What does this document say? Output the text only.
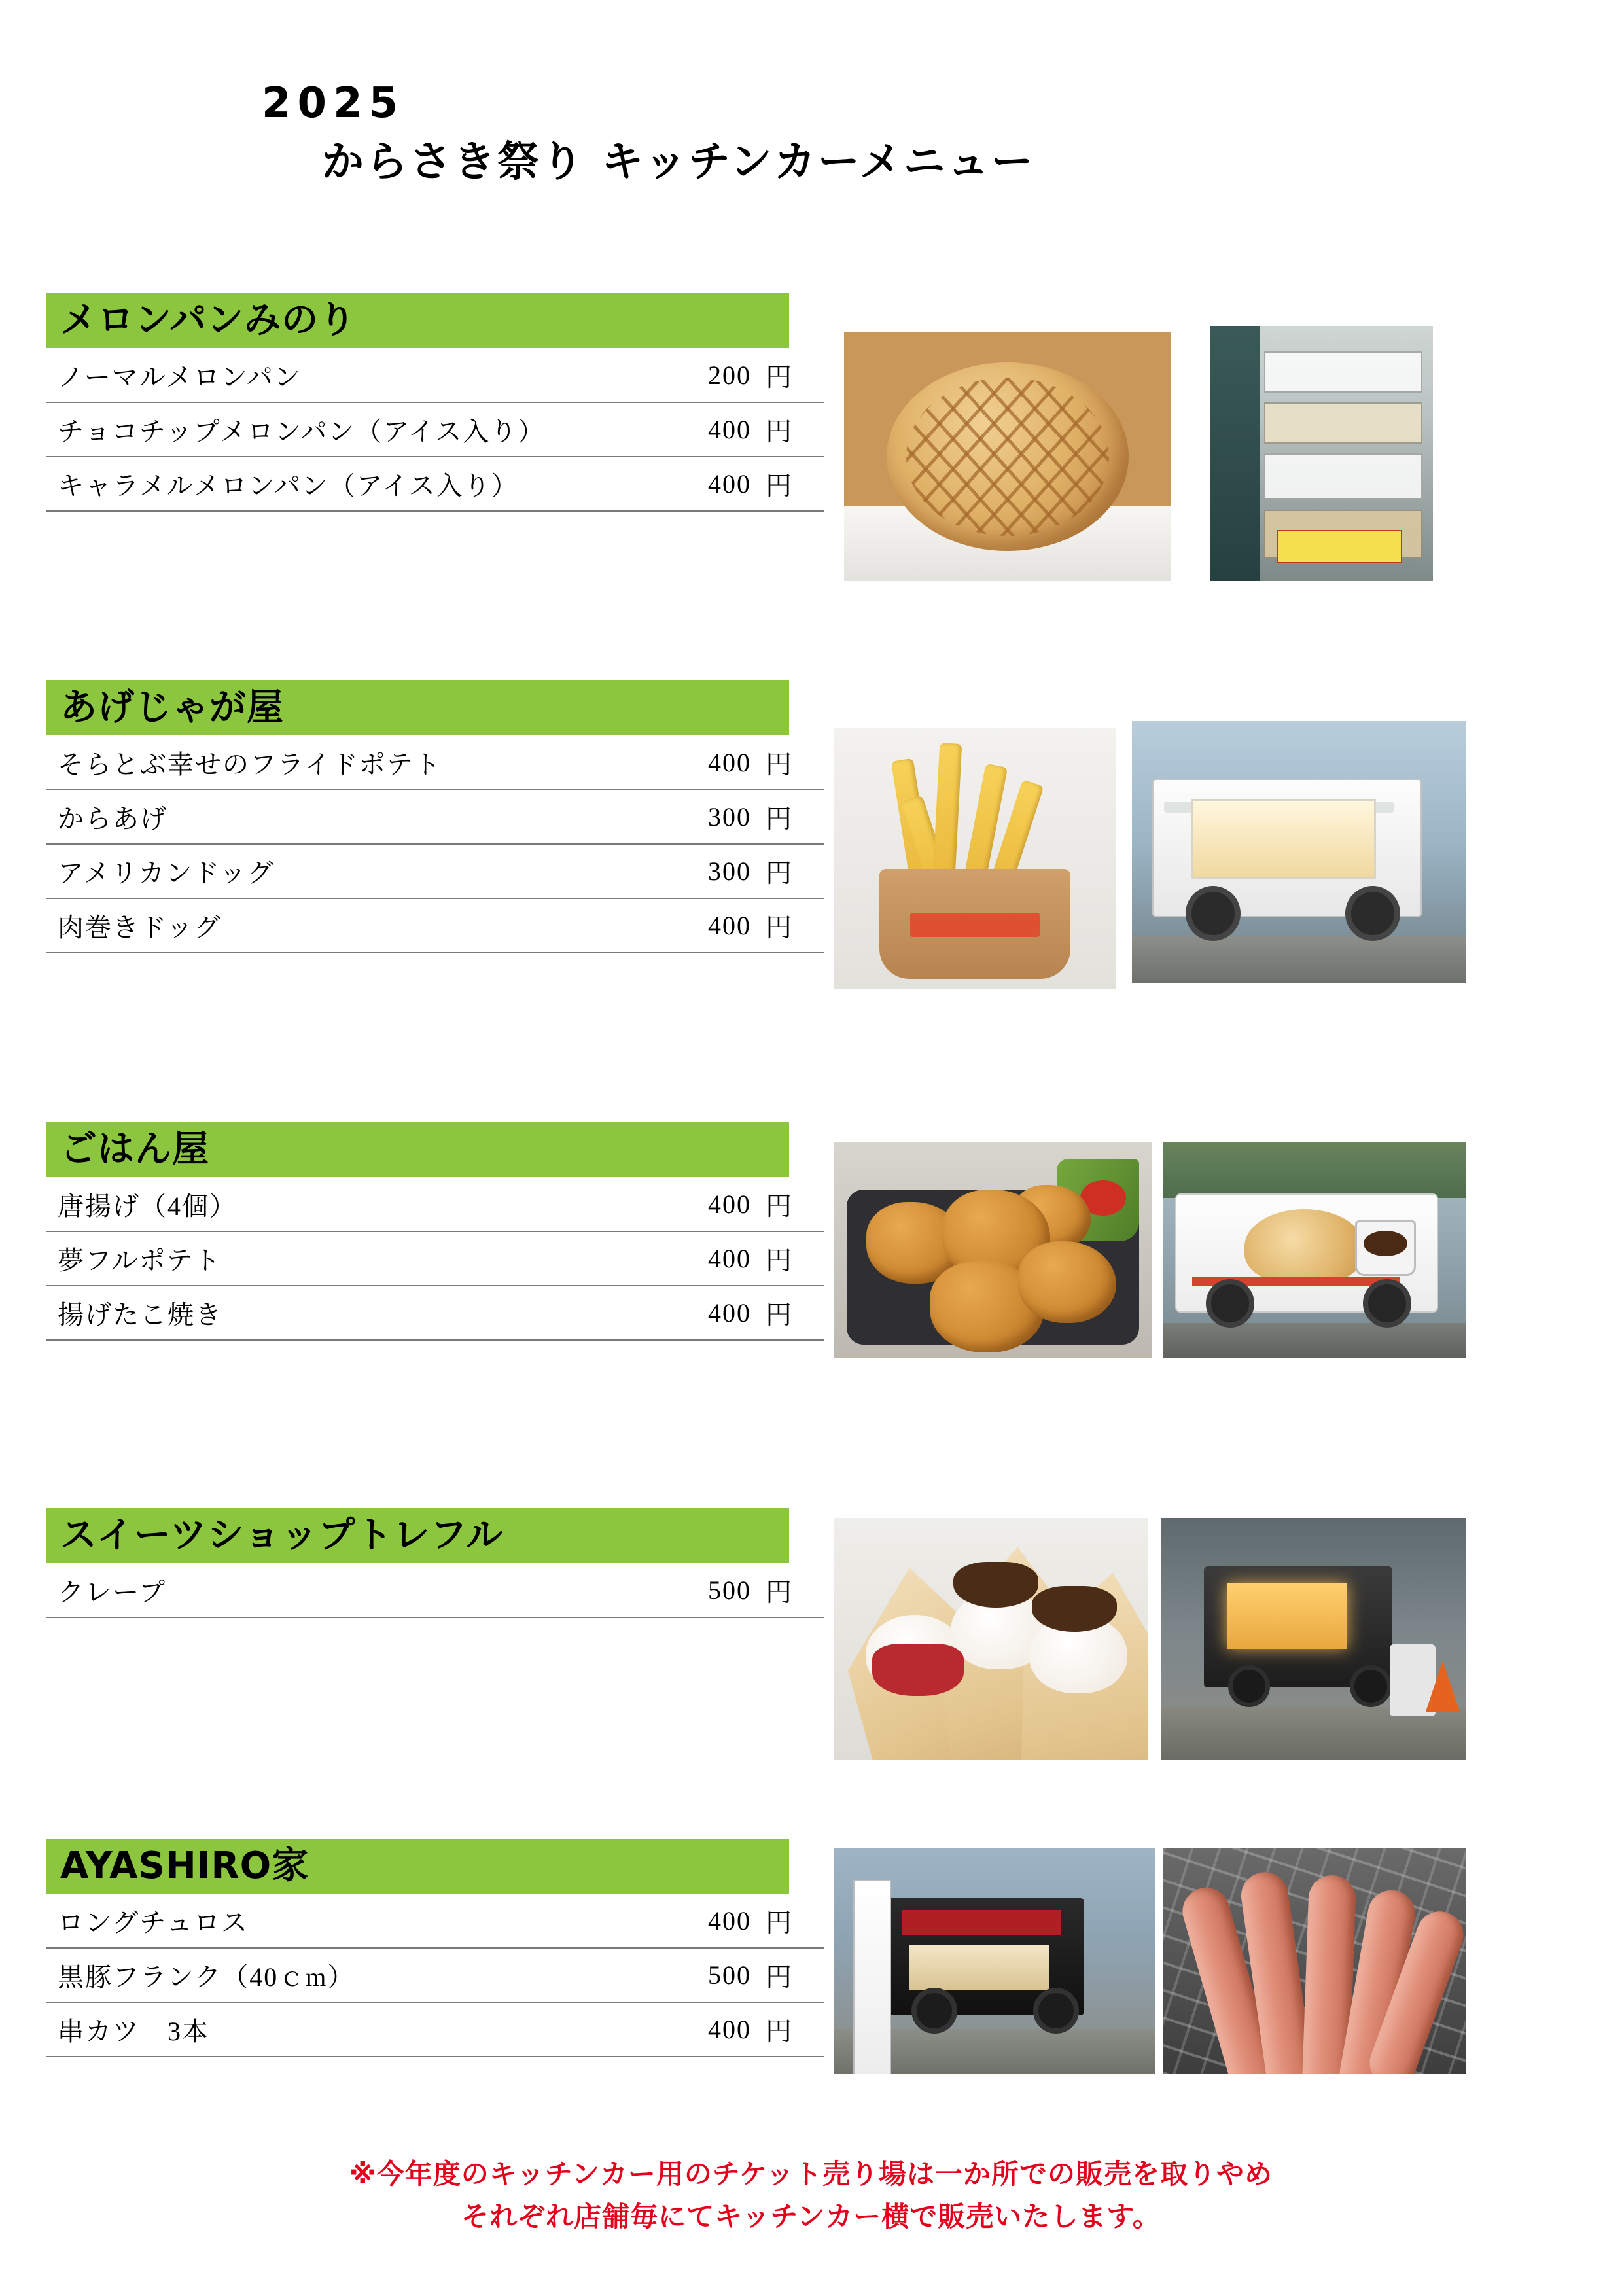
2025
からさき祭り キッチンカーメニュー
メロンパンみのり
ノーマルメロンパン	200	円
チョコチップメロンパン（アイス入り）	400	円
キャラメルメロンパン（アイス入り）	400	円
あげじゃが屋
そらとぶ幸せのフライドポテト	400	円
からあげ	300	円
アメリカンドッグ	300	円
肉巻きドッグ	400	円
ごはん屋
唐揚げ（4個）	400	円
夢フルポテト	400	円
揚げたこ焼き	400	円
スイーツショップトレフル
クレープ	500	円
AYASHIRO家
ロングチュロス	400	円
黒豚フランク（40ｃm）	500	円
串カツ　3本	400	円
※今年度のキッチンカー用のチケット売り場は一か所での販売を取りやめ
それぞれ店舗毎にてキッチンカー横で販売いたします。
